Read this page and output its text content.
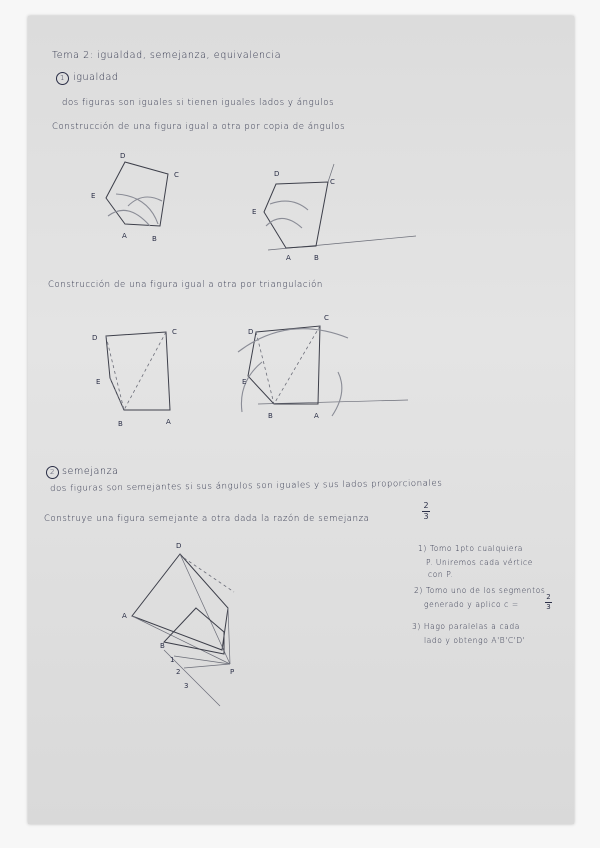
Tema 2: igualdad, semejanza, equivalencia
1 igualdad
dos figuras son iguales si tienen iguales lados y ángulos
Construcción de una figura igual a otra por copia de ángulos
D
C
E
A	B
D
C
E
A	B
Construcción de una figura igual a otra por triangulación
D
C
E
B	A
D
C
E
B	A
2 semejanza
dos figuras son semejantes si sus ángulos son iguales y sus lados proporcionales
Construye una figura semejante a otra dada la razón de semejanza
2
3
D
A
B
P
1
2
3
1) Tomo 1pto cualquiera
P. Uniremos cada vértice
con P.
2) Tomo uno de los segmentos
generado y aplico c =
2
3
3) Hago paralelas a cada
lado y obtengo A'B'C'D'
